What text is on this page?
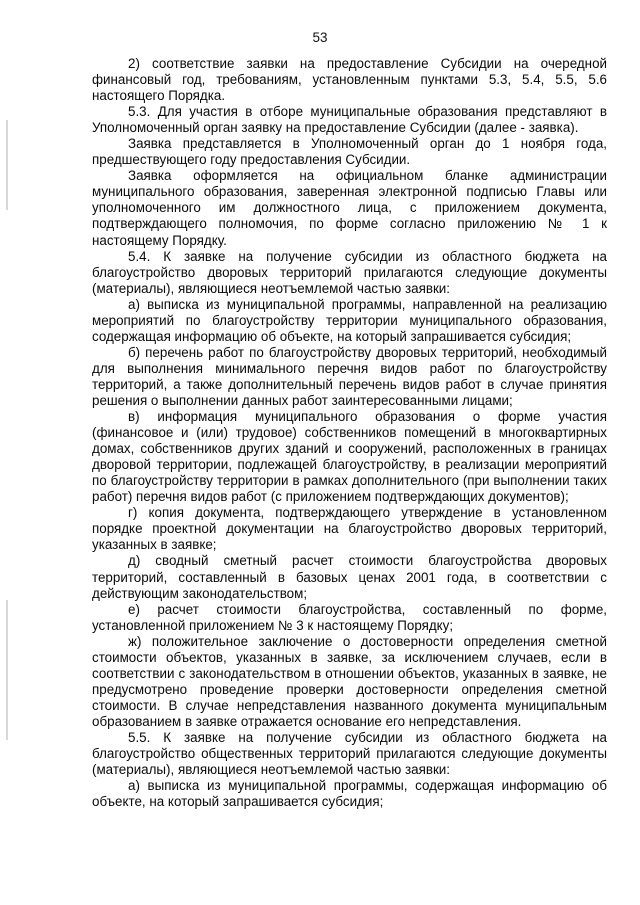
53

2) соответствие заявки на предоставление Субсидии на очередной финансовый год, требованиям, установленным пунктами 5.3, 5.4, 5.5, 5.6 настоящего Порядка.

5.3. Для участия в отборе муниципальные образования представляют в Уполномоченный орган заявку на предоставление Субсидии (далее - заявка).

Заявка представляется в Уполномоченный орган до 1 ноября года, предшествующего году предоставления Субсидии.

Заявка оформляется на официальном бланке администрации муниципального образования, заверенная электронной подписью Главы или уполномоченного им должностного лица, с приложением документа, подтверждающего полномочия, по форме согласно приложению № 1 к настоящему Порядку.

5.4. К заявке на получение субсидии из областного бюджета на благоустройство дворовых территорий прилагаются следующие документы (материалы), являющиеся неотъемлемой частью заявки:

а) выписка из муниципальной программы, направленной на реализацию мероприятий по благоустройству территории муниципального образования, содержащая информацию об объекте, на который запрашивается субсидия;

б) перечень работ по благоустройству дворовых территорий, необходимый для выполнения минимального перечня видов работ по благоустройству территорий, а также дополнительный перечень видов работ в случае принятия решения о выполнении данных работ заинтересованными лицами;

в) информация муниципального образования о форме участия (финансовое и (или) трудовое) собственников помещений в многоквартирных домах, собственников других зданий и сооружений, расположенных в границах дворовой территории, подлежащей благоустройству, в реализации мероприятий по благоустройству территории в рамках дополнительного (при выполнении таких работ) перечня видов работ (с приложением подтверждающих документов);

г) копия документа, подтверждающего утверждение в установленном порядке проектной документации на благоустройство дворовых территорий, указанных в заявке;

д) сводный сметный расчет стоимости благоустройства дворовых территорий, составленный в базовых ценах 2001 года, в соответствии с действующим законодательством;

е) расчет стоимости благоустройства, составленный по форме, установленной приложением № 3 к настоящему Порядку;

ж) положительное заключение о достоверности определения сметной стоимости объектов, указанных в заявке, за исключением случаев, если в соответствии с законодательством в отношении объектов, указанных в заявке, не предусмотрено проведение проверки достоверности определения сметной стоимости. В случае непредставления названного документа муниципальным образованием в заявке отражается основание его непредставления.

5.5. К заявке на получение субсидии из областного бюджета на благоустройство общественных территорий прилагаются следующие документы (материалы), являющиеся неотъемлемой частью заявки:

а) выписка из муниципальной программы, содержащая информацию об объекте, на который запрашивается субсидия;
